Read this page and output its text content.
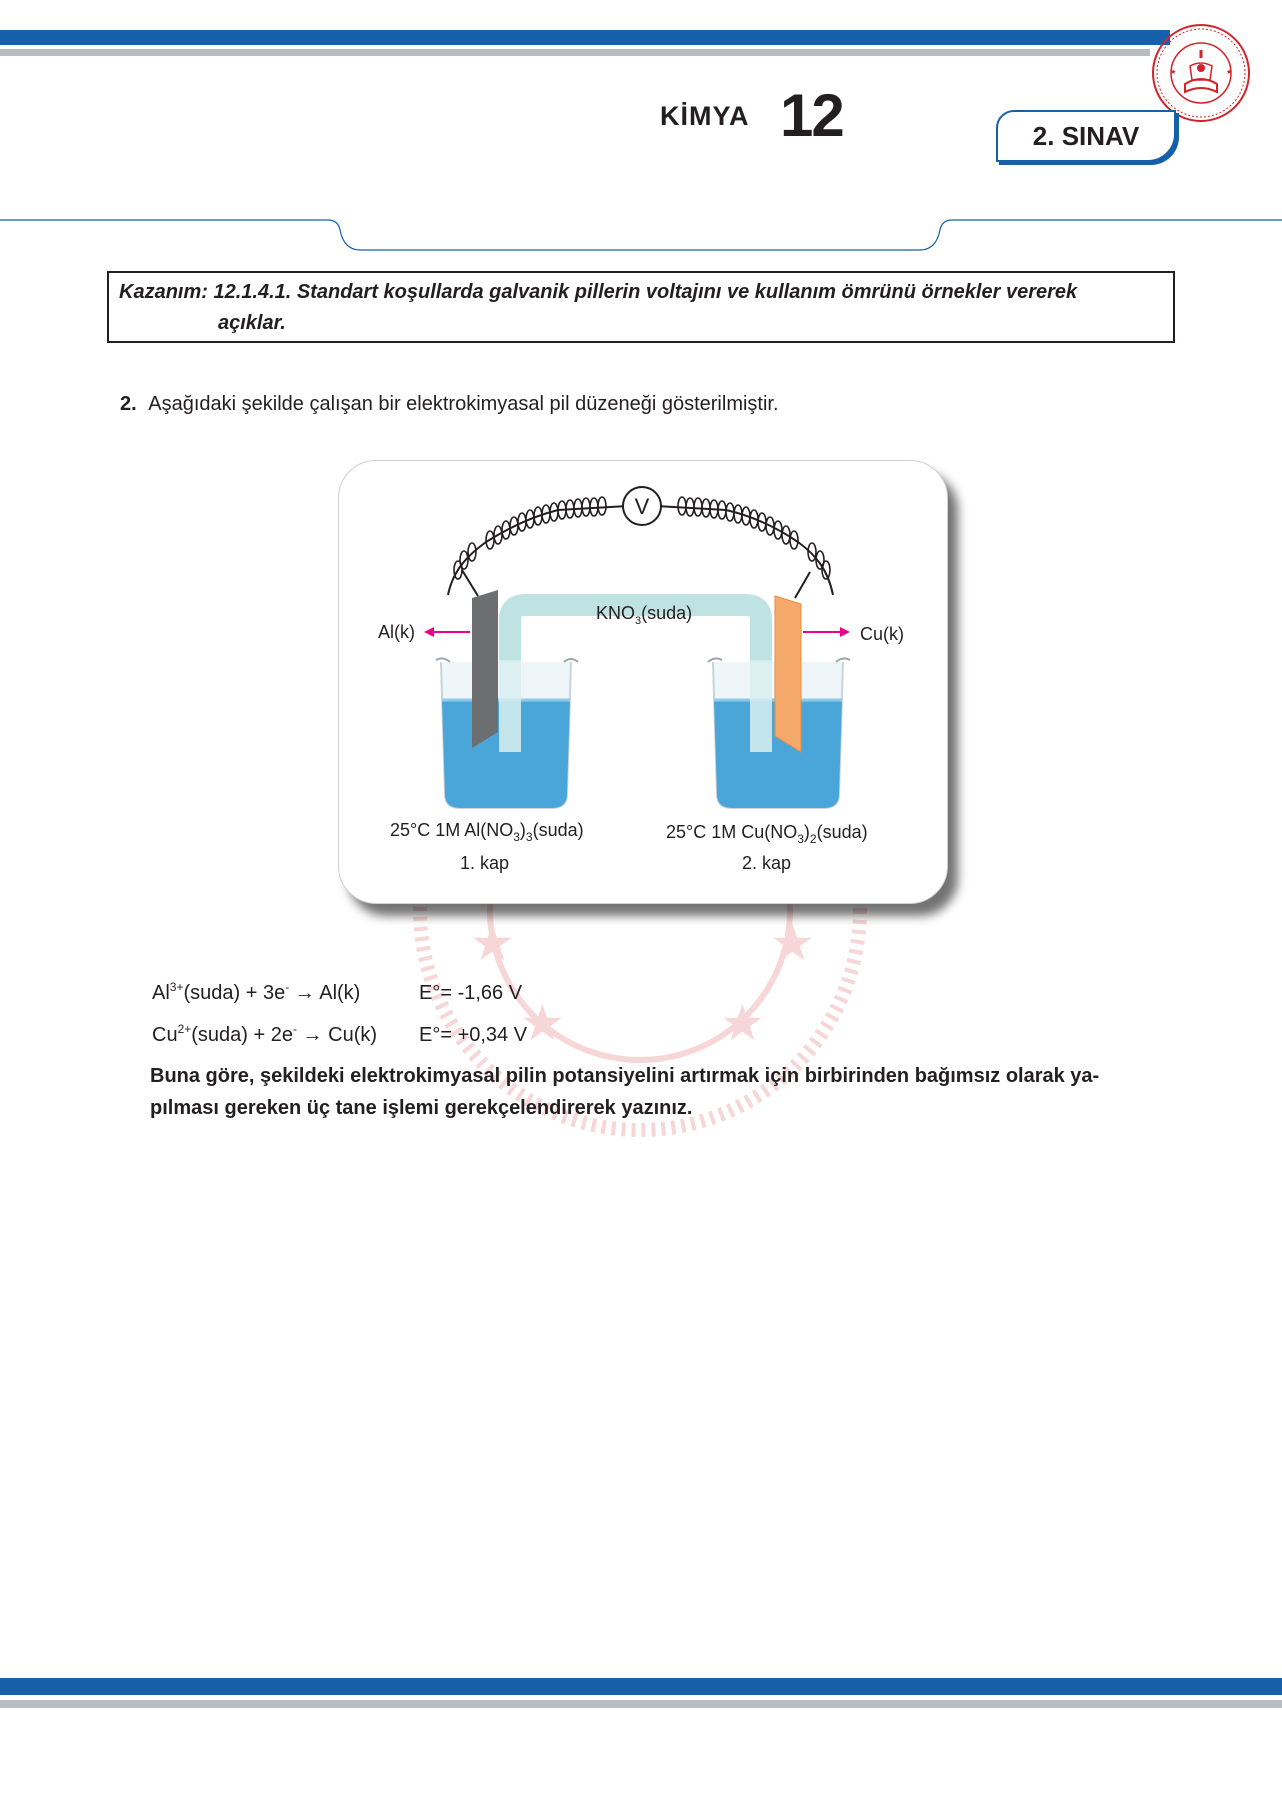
★	★
KİMYA 12	2. SINAV
Kazanım: 12.1.4.1. Standart koşullarda galvanik pillerin voltajını ve kullanım ömrünü örnekler vererek
açıklar.
2. Aşağıdaki şekilde çalışan bir elektrokimyasal pil düzeneği gösterilmiştir.
★	★
★	★
V
$KNO_3(suda)$
Al(k)	Cu(k)
25°C 1M $Al(NO_3)_3(suda)$	25°C 1M $Cu(NO_3)_2(suda)$
1. kap	2. kap
$Al^{3+}(suda) + 3e^- \to Al(k)$	E°= -1,66 V
$Cu^{2+}(suda) + 2e^- \to Cu(k)$ E°= +0,34 V
Buna göre, şekildeki elektrokimyasal pilin potansiyelini artırmak için birbirinden bağımsız olarak ya-
pılması gereken üç tane işlemi gerekçelendirerek yazınız.
